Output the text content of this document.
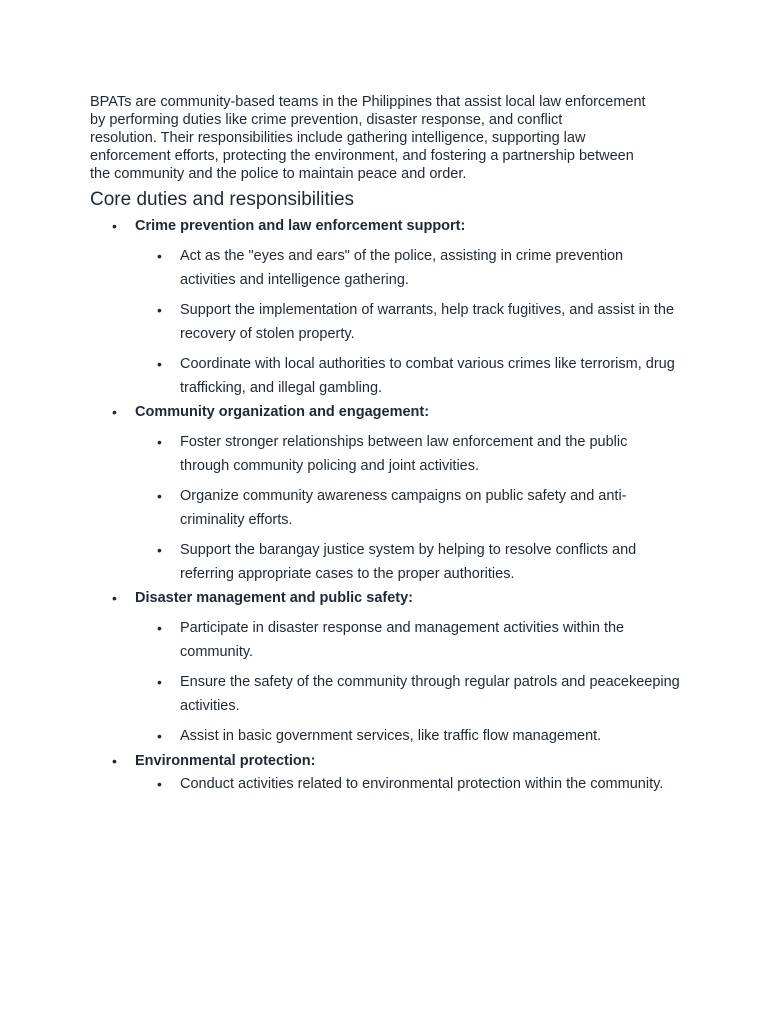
BPATs are community-based teams in the Philippines that assist local law enforcement
by performing duties like crime prevention, disaster response, and conflict
resolution. Their responsibilities include gathering intelligence, supporting law
enforcement efforts, protecting the environment, and fostering a partnership between
the community and the police to maintain peace and order.

Core duties and responsibilities
• Crime prevention and law enforcement support:
• Act as the "eyes and ears" of the police, assisting in crime prevention activities and intelligence gathering.
• Support the implementation of warrants, help track fugitives, and assist in the recovery of stolen property.
• Coordinate with local authorities to combat various crimes like terrorism, drug trafficking, and illegal gambling.
• Community organization and engagement:
• Foster stronger relationships between law enforcement and the public through community policing and joint activities.
• Organize community awareness campaigns on public safety and anti-criminality efforts.
• Support the barangay justice system by helping to resolve conflicts and referring appropriate cases to the proper authorities.
• Disaster management and public safety:
• Participate in disaster response and management activities within the community.
• Ensure the safety of the community through regular patrols and peacekeeping activities.
• Assist in basic government services, like traffic flow management.
• Environmental protection:
• Conduct activities related to environmental protection within the community.
